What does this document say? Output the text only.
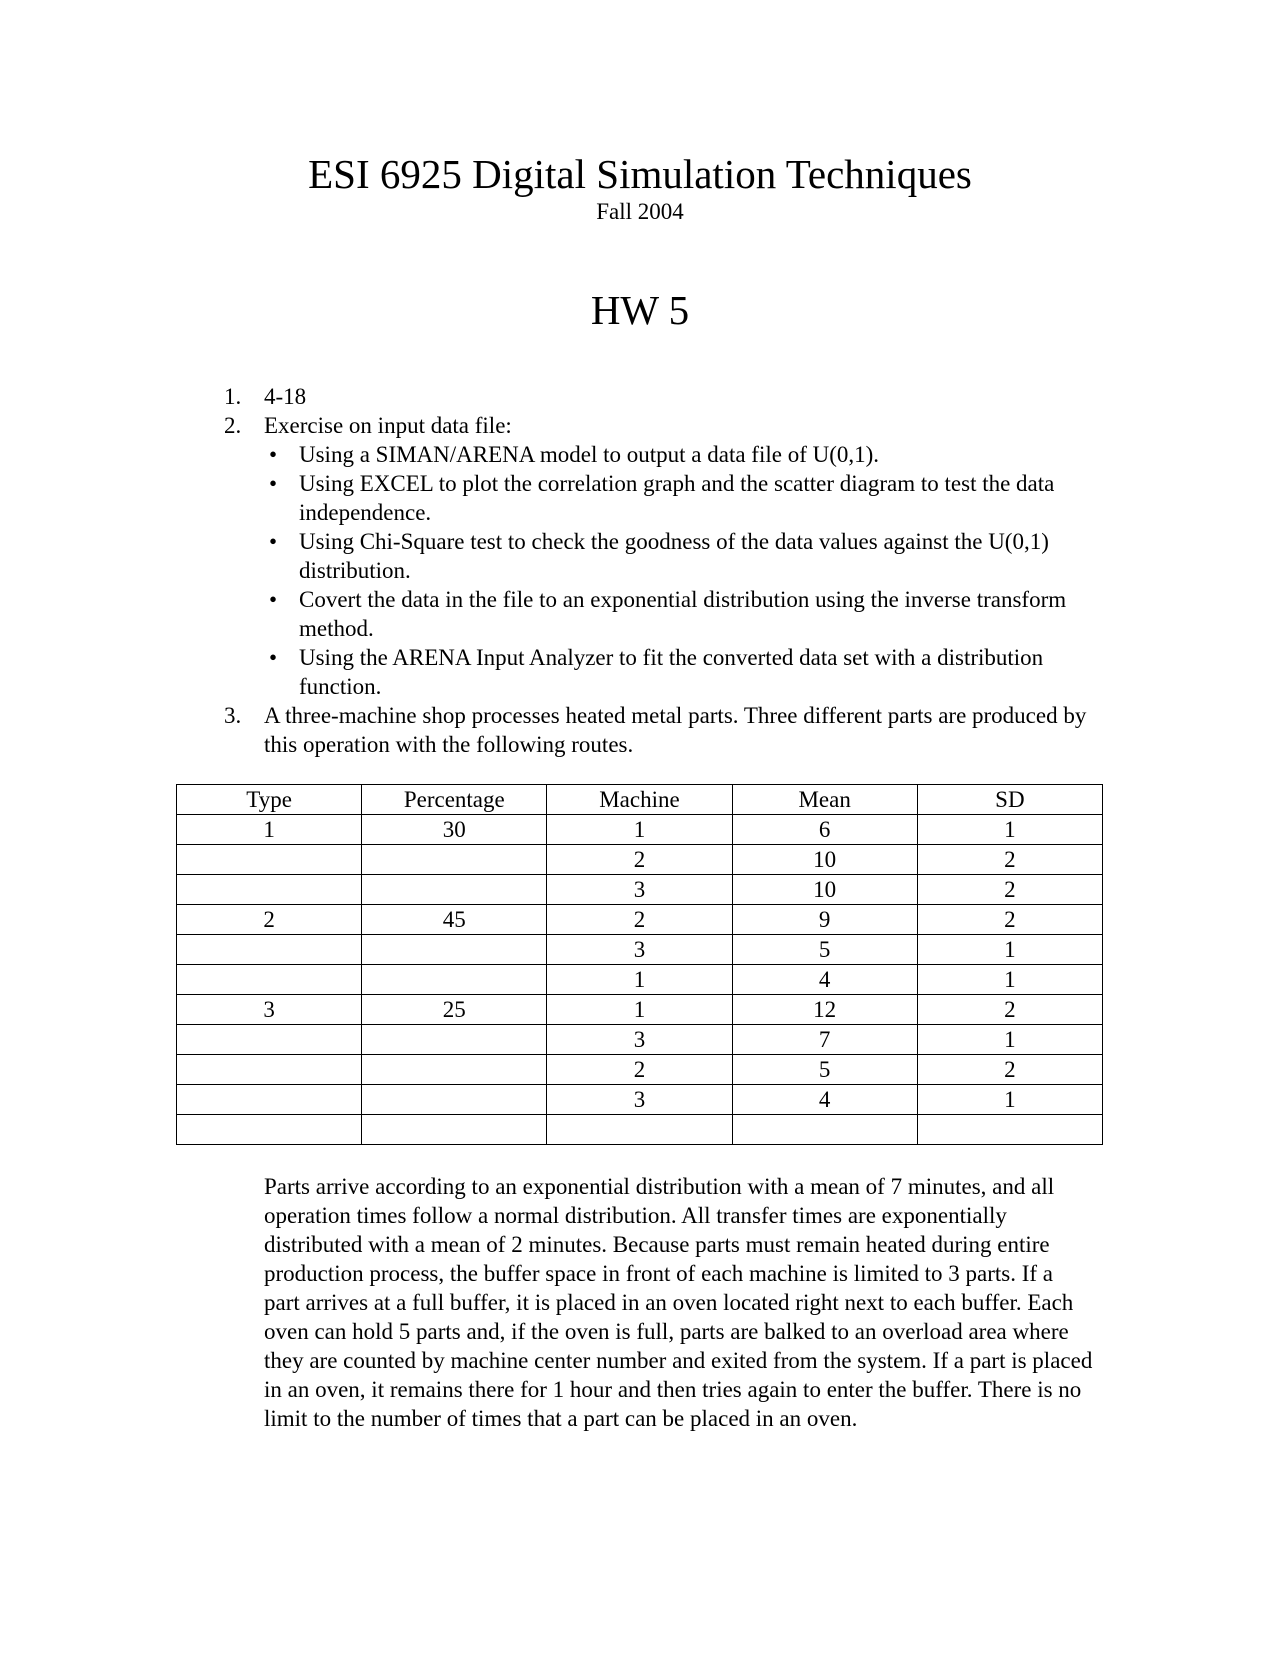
ESI 6925 Digital Simulation Techniques
Fall 2004
HW 5
1. 4-18
2. Exercise on input data file:
• Using a SIMAN/ARENA model to output a data file of U(0,1).
• Using EXCEL to plot the correlation graph and the scatter diagram to test the data independence.
• Using Chi-Square test to check the goodness of the data values against the U(0,1) distribution.
• Covert the data in the file to an exponential distribution using the inverse transform method.
• Using the ARENA Input Analyzer to fit the converted data set with a distribution function.
3. A three-machine shop processes heated metal parts. Three different parts are produced by this operation with the following routes.
Type	Percentage	Machine	Mean	SD
1	30	1	6	1
		2	10	2
		3	10	2
2	45	2	9	2
		3	5	1
		1	4	1
3	25	1	12	2
		3	7	1
		2	5	2
		3	4	1

Parts arrive according to an exponential distribution with a mean of 7 minutes, and all operation times follow a normal distribution. All transfer times are exponentially distributed with a mean of 2 minutes. Because parts must remain heated during entire production process, the buffer space in front of each machine is limited to 3 parts. If a part arrives at a full buffer, it is placed in an oven located right next to each buffer. Each oven can hold 5 parts and, if the oven is full, parts are balked to an overload area where they are counted by machine center number and exited from the system. If a part is placed in an oven, it remains there for 1 hour and then tries again to enter the buffer. There is no limit to the number of times that a part can be placed in an oven.
